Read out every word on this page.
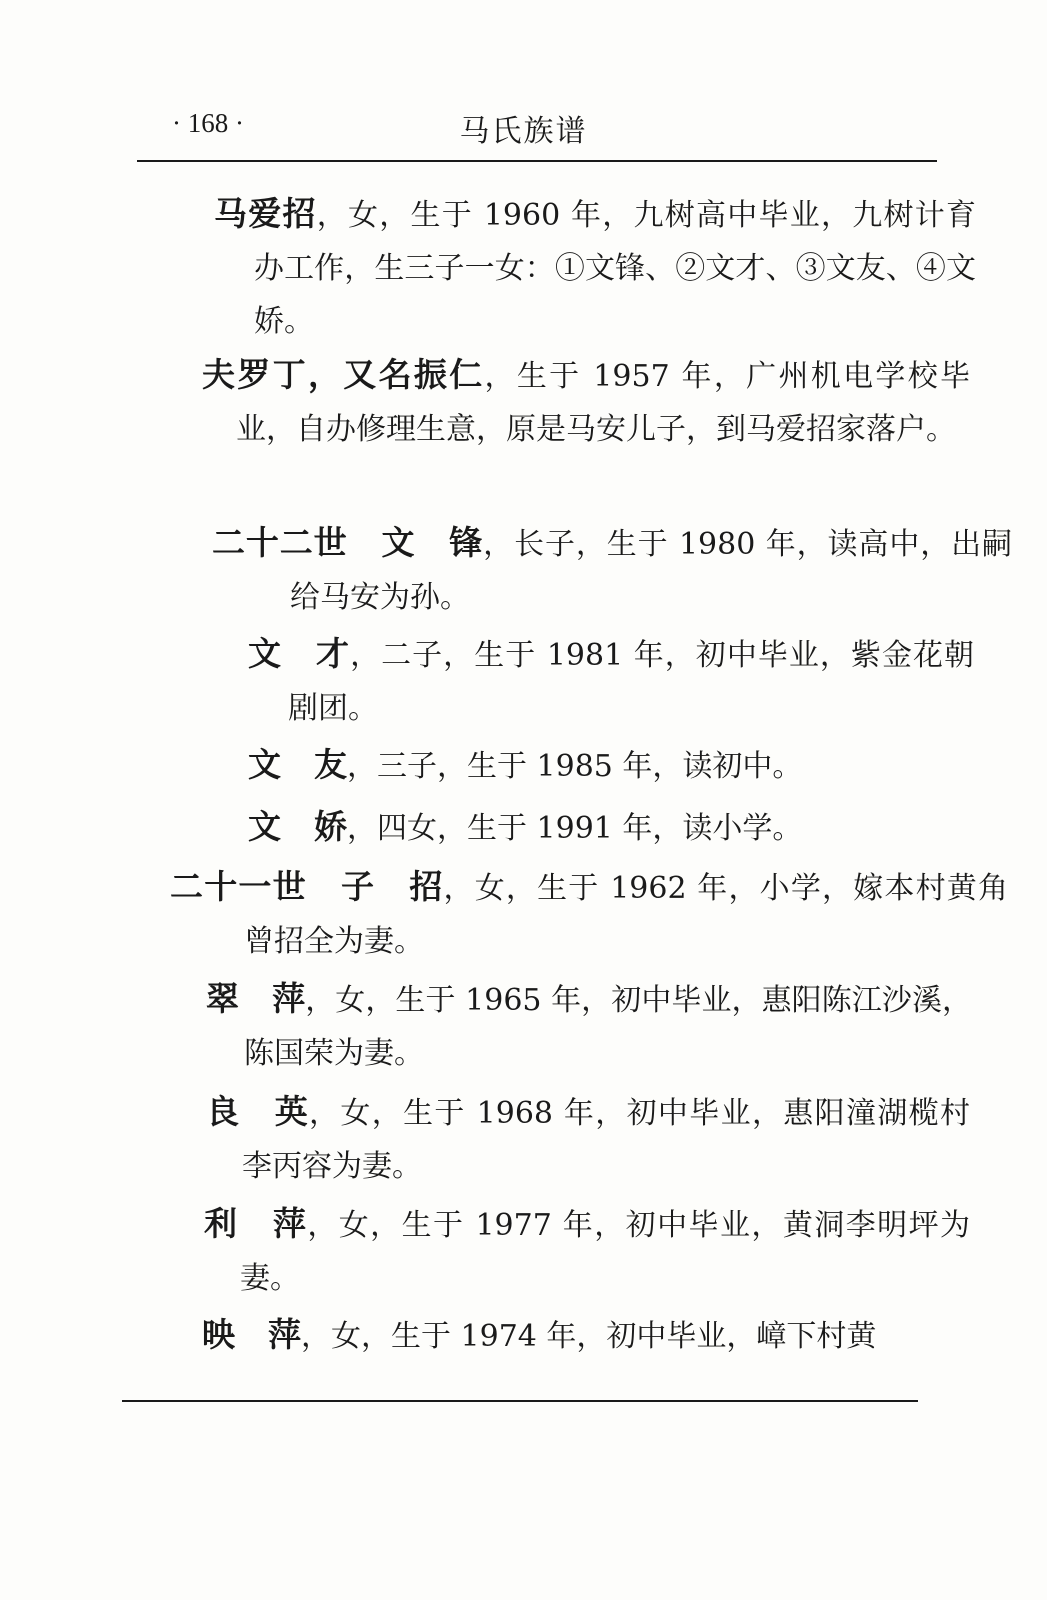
· 168 ·	马氏族谱
马爱招，女，生于 1960 年，九树高中毕业，九树计育办工作，生三子一女：①文锋、②文才、③文友、④文娇。
夫罗丁，又名振仁，生于 1957 年，广州机电学校毕业，自办修理生意，原是马安儿子，到马爱招家落户。
二十二世　文　锋，长子，生于 1980 年，读高中，出嗣给马安为孙。
文　才，二子，生于 1981 年，初中毕业，紫金花朝剧团。
文　友，三子，生于 1985 年，读初中。
文　娇，四女，生于 1991 年，读小学。
二十一世　子　招，女，生于 1962 年，小学，嫁本村黄角曾招全为妻。
翠　萍，女，生于 1965 年，初中毕业，惠阳陈江沙溪，陈国荣为妻。
良　英，女，生于 1968 年，初中毕业，惠阳潼湖榄村李丙容为妻。
利　萍，女，生于 1977 年，初中毕业，黄洞李明坪为妻。
映　萍，女，生于 1974 年，初中毕业，嶂下村黄
